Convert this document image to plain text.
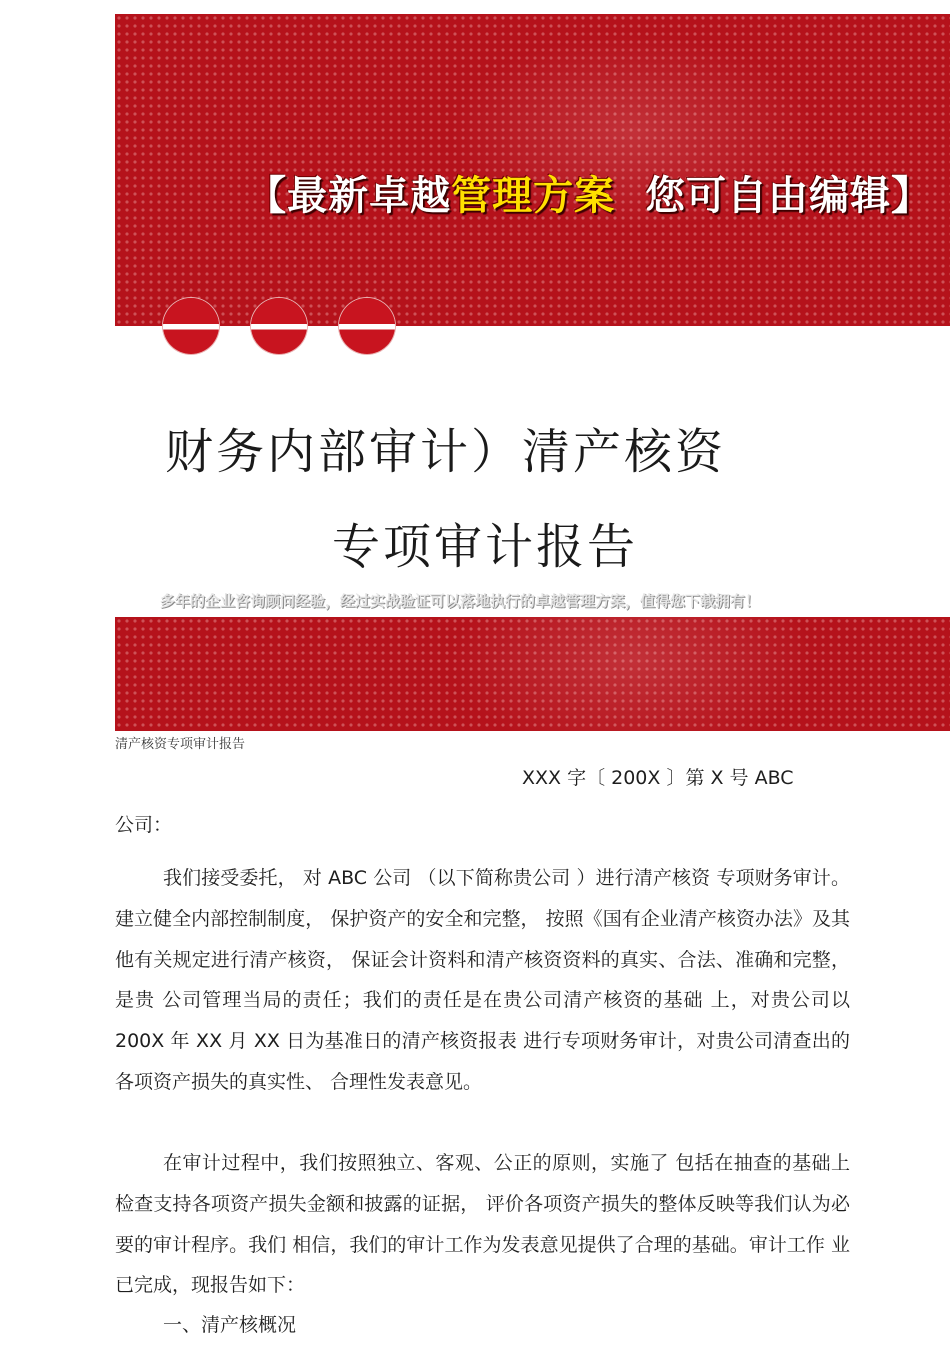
【最新卓越管理方案 您可自由编辑】
财务内部审计）清产核资
专项审计报告
多年的企业咨询顾问经验，经过实战验证可以落地执行的卓越管理方案，值得您下载拥有！
清产核资专项审计报告
XXX 字〔 200X 〕第 X 号 ABC
公司：

我们接受委托， 对 ABC 公司 （以下简称贵公司 ）进行清产核资 专项财务审计。 建立健全内部控制制度， 保护资产的安全和完整， 按照《国有企业清产核资办法》及其他有关规定进行清产核资， 保证会计资料和清产核资资料的真实、合法、准确和完整，是贵 公司管理当局的责任；我们的责任是在贵公司清产核资的基础 上，对贵公司以 200X 年 XX 月 XX 日为基准日的清产核资报表 进行专项财务审计，对贵公司清查出的各项资产损失的真实性、 合理性发表意见。

在审计过程中，我们按照独立、客观、公正的原则，实施了 包括在抽查的基础上检查支持各项资产损失金额和披露的证据， 评价各项资产损失的整体反映等我们认为必要的审计程序。我们 相信，我们的审计工作为发表意见提供了合理的基础。审计工作 业已完成，现报告如下：

一、清产核概况
